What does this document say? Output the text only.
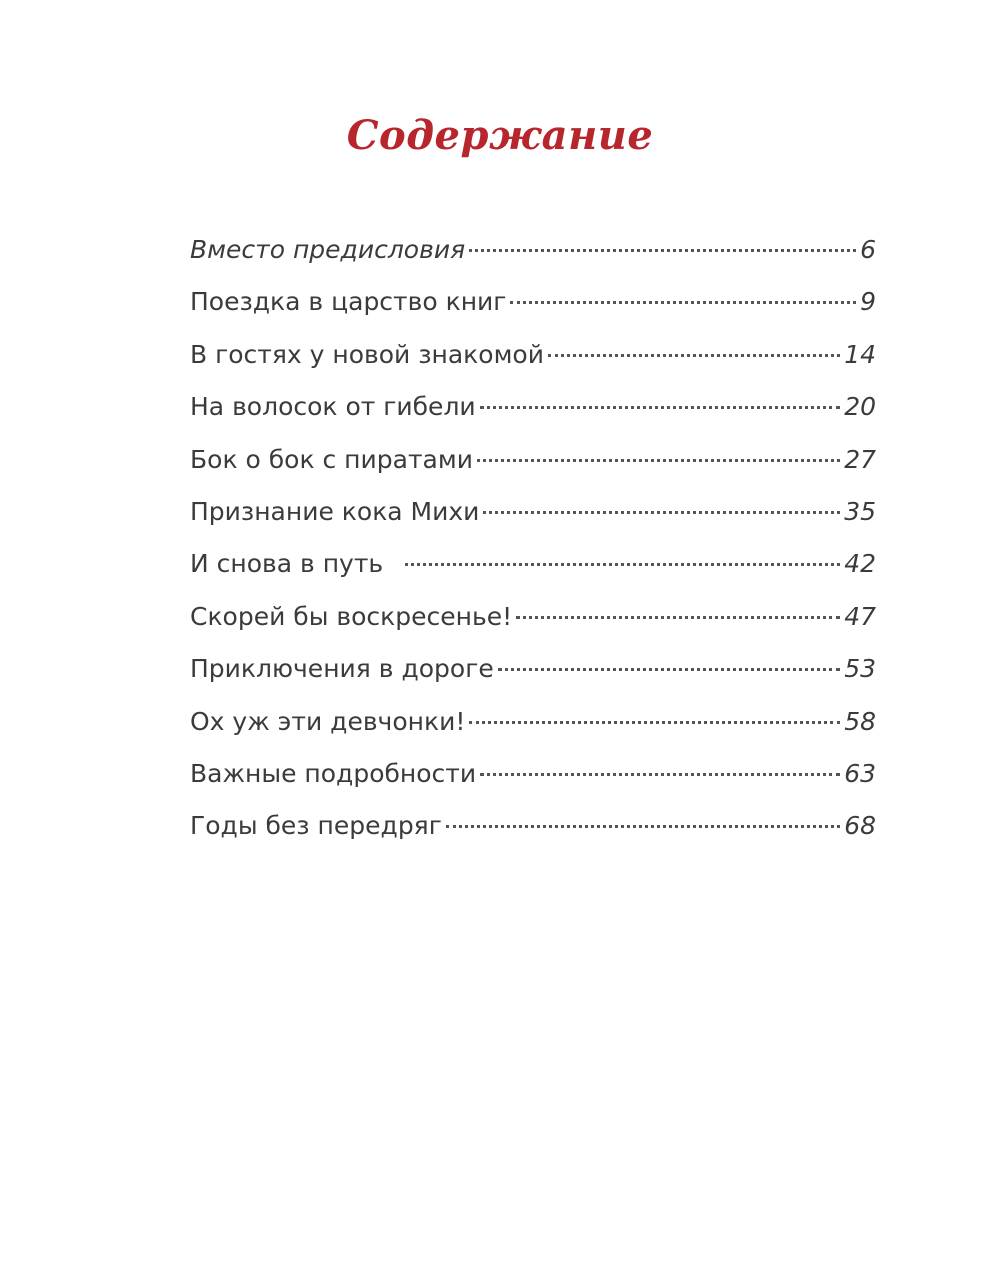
Содержание
Вместо предисловия	6
Поездка в царство книг	9
В гостях у новой знакомой	14
На волосок от гибели	20
Бок о бок с пиратами	27
Признание кока Михи	35
И снова в путь	42
Скорей бы воскресенье!	47
Приключения в дороге	53
Ох уж эти девчонки!	58
Важные подробности	63
Годы без передряг	68
